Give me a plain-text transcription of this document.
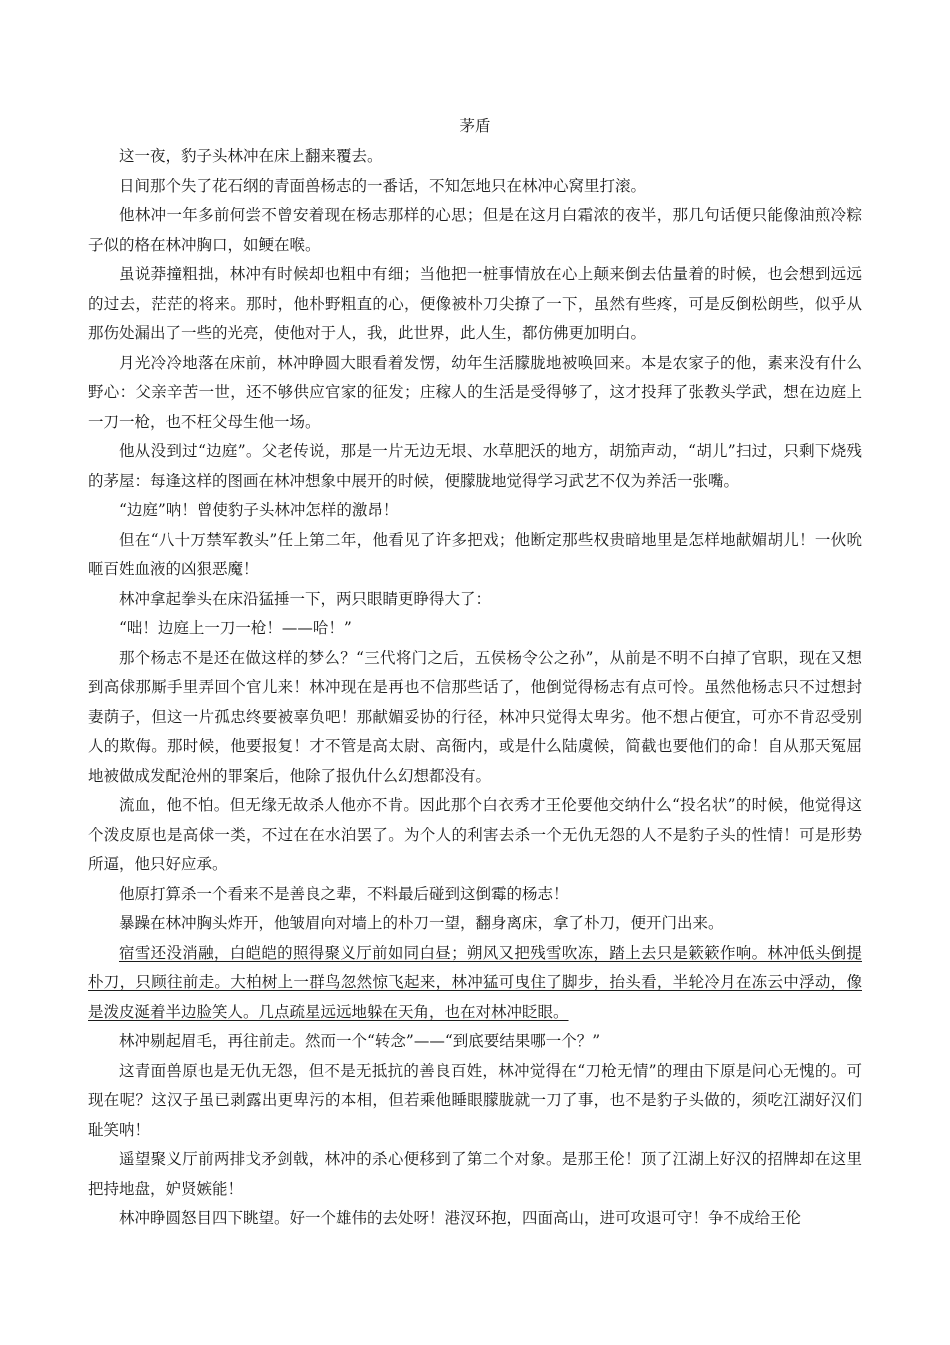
茅盾

这一夜，豹子头林冲在床上翻来覆去。

日间那个失了花石纲的青面兽杨志的一番话，不知怎地只在林冲心窝里打滚。

他林冲一年多前何尝不曾安着现在杨志那样的心思；但是在这月白霜浓的夜半，那几句话便只能像油煎冷粽子似的格在林冲胸口，如鲠在喉。

虽说莽撞粗拙，林冲有时候却也粗中有细；当他把一桩事情放在心上颠来倒去估量着的时候，也会想到远远的过去，茫茫的将来。那时，他朴野粗直的心，便像被朴刀尖撩了一下，虽然有些疼，可是反倒松朗些，似乎从那伤处漏出了一些的光亮，使他对于人，我，此世界，此人生，都仿佛更加明白。

月光冷冷地落在床前，林冲睁圆大眼看着发愣，幼年生活朦胧地被唤回来。本是农家子的他，素来没有什么野心：父亲辛苦一世，还不够供应官家的征发；庄稼人的生活是受得够了，这才投拜了张教头学武，想在边庭上一刀一枪，也不枉父母生他一场。

他从没到过“边庭”。父老传说，那是一片无边无垠、水草肥沃的地方，胡笳声动，“胡儿”扫过，只剩下烧残的茅屋：每逢这样的图画在林冲想象中展开的时候，便朦胧地觉得学习武艺不仅为养活一张嘴。

“边庭”呐！曾使豹子头林冲怎样的激昂！

但在“八十万禁军教头”任上第二年，他看见了许多把戏；他断定那些权贵暗地里是怎样地献媚胡儿！一伙吮咂百姓血液的凶狠恶魔！

林冲拿起拳头在床沿猛捶一下，两只眼睛更睁得大了：

“咄！边庭上一刀一枪！——哈！”

那个杨志不是还在做这样的梦么？“三代将门之后，五侯杨令公之孙”，从前是不明不白掉了官职，现在又想到高俅那厮手里弄回个官儿来！林冲现在是再也不信那些话了，他倒觉得杨志有点可怜。虽然他杨志只不过想封妻荫子，但这一片孤忠终要被辜负吧！那献媚妥协的行径，林冲只觉得太卑劣。他不想占便宜，可亦不肯忍受别人的欺侮。那时候，他要报复！才不管是高太尉、高衙内，或是什么陆虞候，简截也要他们的命！自从那天冤屈地被做成发配沧州的罪案后，他除了报仇什么幻想都没有。

流血，他不怕。但无缘无故杀人他亦不肯。因此那个白衣秀才王伦要他交纳什么“投名状”的时候，他觉得这个泼皮原也是高俅一类，不过在在水泊罢了。为个人的利害去杀一个无仇无怨的人不是豹子头的性情！可是形势所逼，他只好应承。

他原打算杀一个看来不是善良之辈，不料最后碰到这倒霉的杨志！

暴躁在林冲胸头炸开，他皱眉向对墙上的朴刀一望，翻身离床，拿了朴刀，便开门出来。

宿雪还没消融，白皑皑的照得聚义厅前如同白昼；朔风又把残雪吹冻，踏上去只是簌簌作响。林冲低头倒提朴刀，只顾往前走。大柏树上一群鸟忽然惊飞起来，林冲猛可曳住了脚步，抬头看，半轮冷月在冻云中浮动，像是泼皮涎着半边脸笑人。几点疏星远远地躲在天角，也在对林冲眨眼。

林冲剔起眉毛，再往前走。然而一个“转念”——“到底要结果哪一个？”

这青面兽原也是无仇无怨，但不是无抵抗的善良百姓，林冲觉得在“刀枪无情”的理由下原是问心无愧的。可现在呢？这汉子虽已剥露出更卑污的本相，但若乘他睡眼朦胧就一刀了事，也不是豹子头做的，须吃江湖好汉们耻笑呐！

遥望聚义厅前两排戈矛剑戟，林冲的杀心便移到了第二个对象。是那王伦！顶了江湖上好汉的招牌却在这里把持地盘，妒贤嫉能！

林冲睁圆怒目四下眺望。好一个雄伟的去处呀！港汊环抱，四面高山，进可攻退可守！争不成给王伦
